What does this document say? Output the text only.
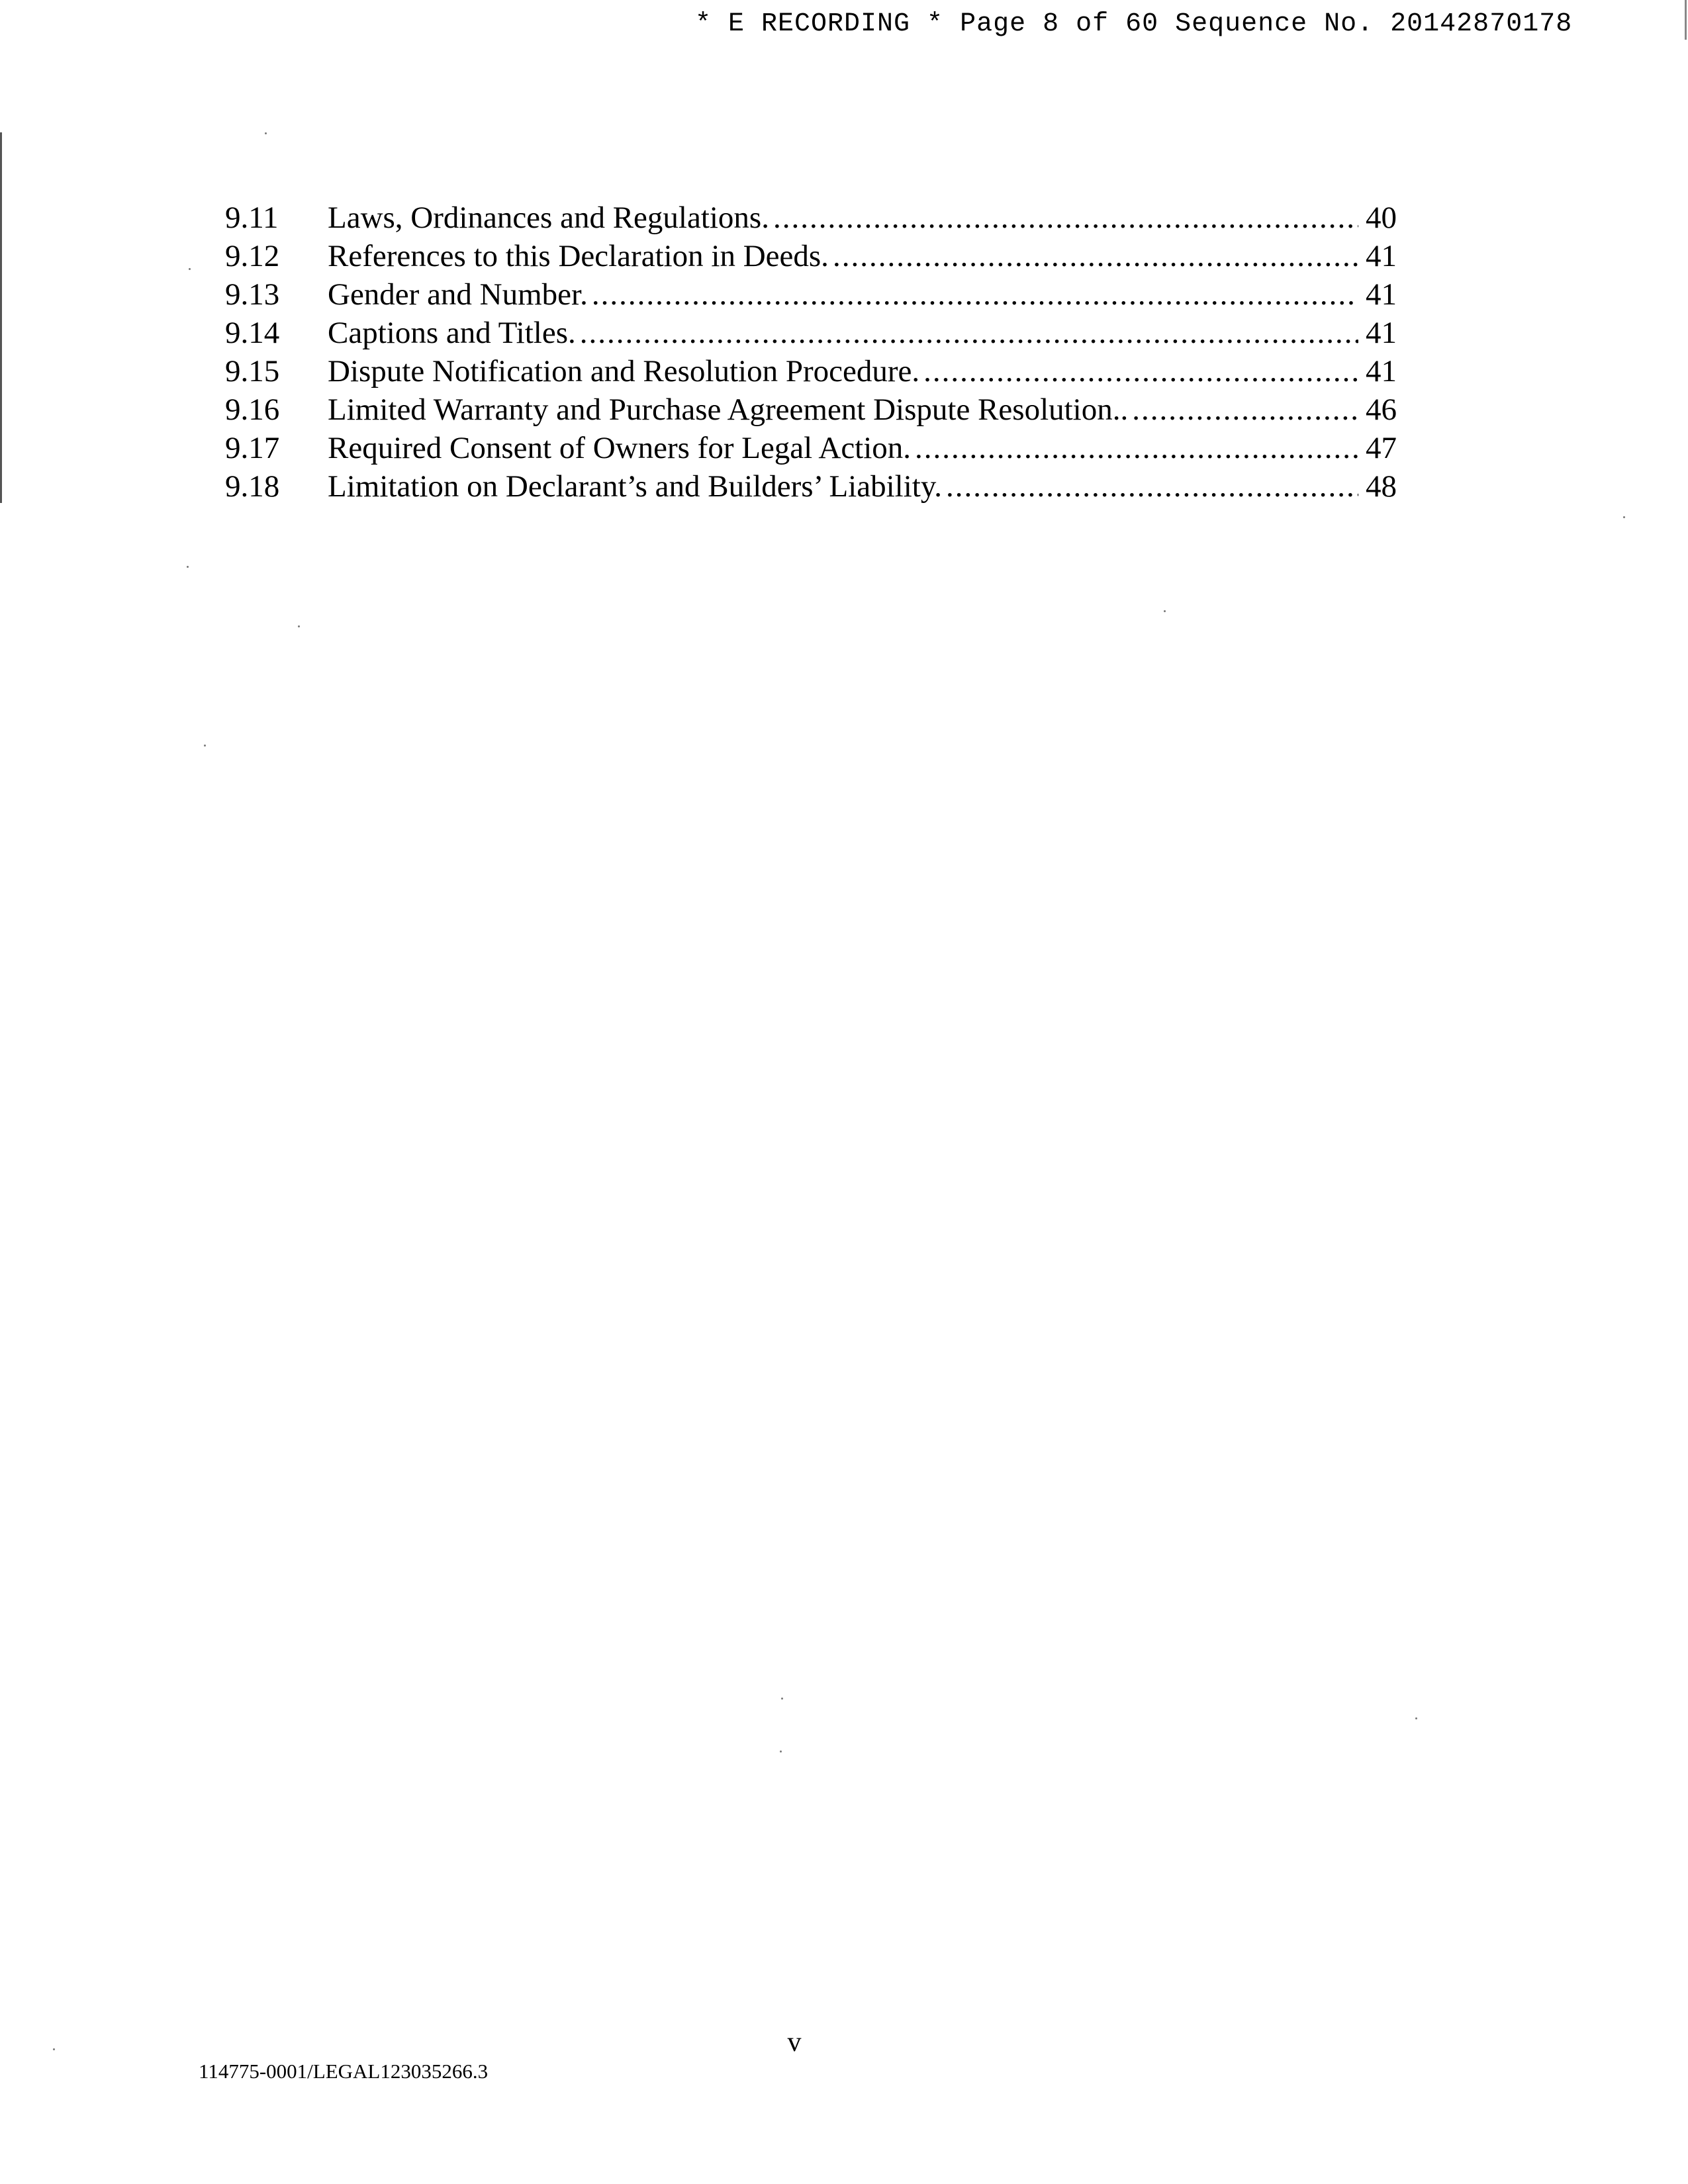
* E RECORDING * Page 8 of 60 Sequence No. 20142870178
9.11	Laws, Ordinances and Regulations. .....	40
9.12	References to this Declaration in Deeds. .....	41
9.13	Gender and Number. .....	41
9.14	Captions and Titles. .....	41
9.15	Dispute Notification and Resolution Procedure. .....	41
9.16	Limited Warranty and Purchase Agreement Dispute Resolution.. .....	46
9.17	Required Consent of Owners for Legal Action. .....	47
9.18	Limitation on Declarant’s and Builders’ Liability. .....	48
v
114775-0001/LEGAL123035266.3
